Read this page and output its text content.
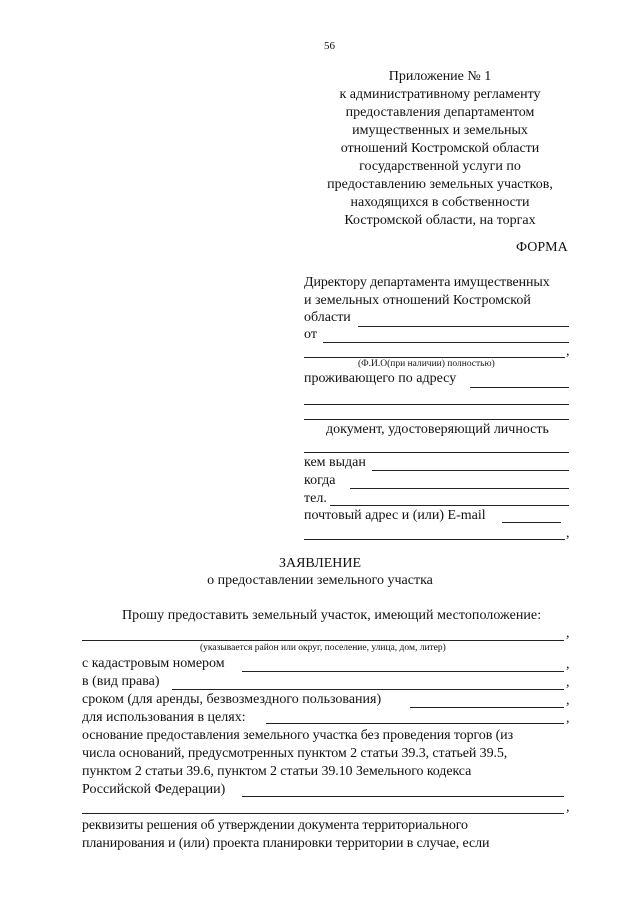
56
Приложение № 1
к административному регламенту
предоставления департаментом
имущественных и земельных
отношений Костромской области
государственной услуги по
предоставлению земельных участков,
находящихся в собственности
Костромской области, на торгах
ФОРМА
Директору департамента имущественных
и земельных отношений Костромской
области
от
,
(Ф.И.О(при наличии) полностью)
проживающего по адресу
документ, удостоверяющий личность
кем выдан
когда
тел.
почтовый адрес и (или) E-mail
,
ЗАЯВЛЕНИЕ
о предоставлении земельного участка
Прошу предоставить земельный участок, имеющий местоположение:
,
(указывается район или округ, поселение, улица, дом, литер)
с кадастровым номером	,
в (вид права)	,
сроком (для аренды, безвозмездного пользования)	,
для использования в целях:	,
основание предоставления земельного участка без проведения торгов (из
числа оснований, предусмотренных пунктом 2 статьи 39.3, статьей 39.5,
пунктом 2 статьи 39.6, пунктом 2 статьи 39.10 Земельного кодекса
Российской Федерации)
,
реквизиты решения об утверждении документа территориального
планирования и (или) проекта планировки территории в случае, если
